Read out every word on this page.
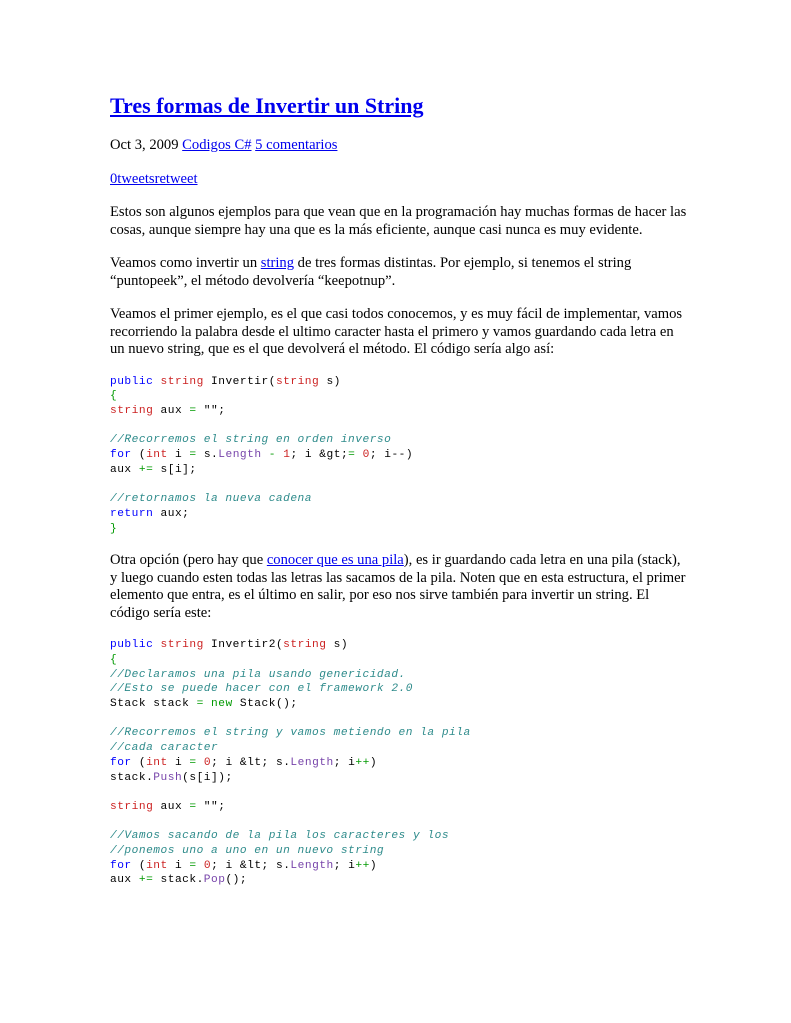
Tres formas de Invertir un String
Oct 3, 2009 Codigos C# 5 comentarios
0tweetsretweet

Estos son algunos ejemplos para que vean que en la programación hay muchas formas de hacer las cosas, aunque siempre hay una que es la más eficiente, aunque casi nunca es muy evidente.

Veamos como invertir un string de tres formas distintas. Por ejemplo, si tenemos el string “puntopeek”, el método devolvería “keepotnup”.

Veamos el primer ejemplo, es el que casi todos conocemos, y es muy fácil de implementar, vamos recorriendo la palabra desde el ultimo caracter hasta el primero y vamos guardando cada letra en un nuevo string, que es el que devolverá el método. El código sería algo así:

public string Invertir(string s)
{
string aux = "";
//Recorremos el string en orden inverso
for (int i = s.Length - 1; i &gt;= 0; i--)
aux += s[i];
//retornamos la nueva cadena
return aux;
}

Otra opción (pero hay que conocer que es una pila), es ir guardando cada letra en una pila (stack), y luego cuando esten todas las letras las sacamos de la pila. Noten que en esta estructura, el primer elemento que entra, es el último en salir, por eso nos sirve también para invertir un string. El código sería este:

public string Invertir2(string s)
{
//Declaramos una pila usando genericidad.
//Esto se puede hacer con el framework 2.0
Stack stack = new Stack();
//Recorremos el string y vamos metiendo en la pila
//cada caracter
for (int i = 0; i &lt; s.Length; i++)
stack.Push(s[i]);
string aux = "";
//Vamos sacando de la pila los caracteres y los
//ponemos uno a uno en un nuevo string
for (int i = 0; i &lt; s.Length; i++)
aux += stack.Pop();
